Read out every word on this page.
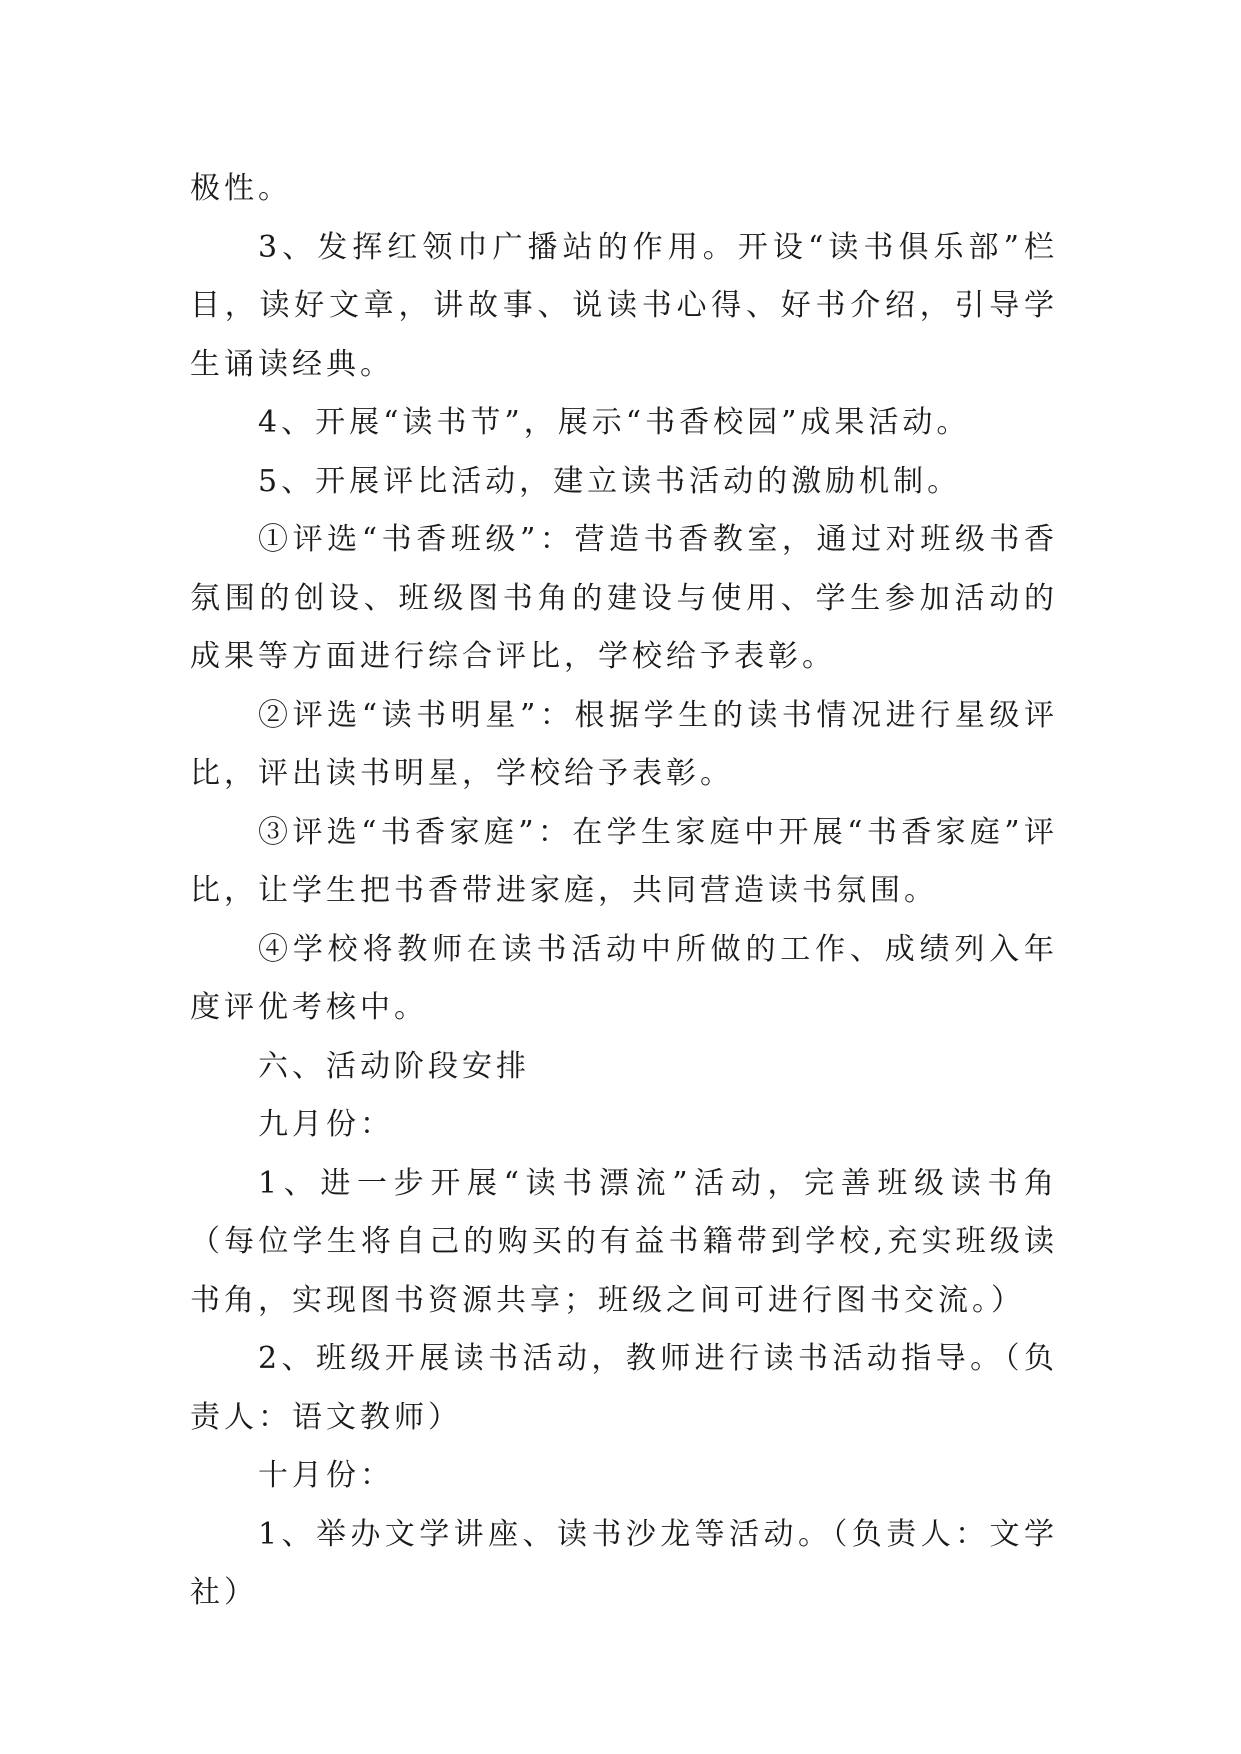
极性。

3、发挥红领巾广播站的作用。开设“读书俱乐部”栏目，读好文章，讲故事、说读书心得、好书介绍，引导学生诵读经典。

4、开展“读书节”，展示“书香校园”成果活动。

5、开展评比活动，建立读书活动的激励机制。

①评选“书香班级”：营造书香教室，通过对班级书香氛围的创设、班级图书角的建设与使用、学生参加活动的成果等方面进行综合评比，学校给予表彰。

②评选“读书明星”：根据学生的读书情况进行星级评比，评出读书明星，学校给予表彰。

③评选“书香家庭”：在学生家庭中开展“书香家庭”评比，让学生把书香带进家庭，共同营造读书氛围。

④学校将教师在读书活动中所做的工作、成绩列入年度评优考核中。

六、活动阶段安排

九月份：

1、进一步开展“读书漂流”活动，完善班级读书角（每位学生将自己的购买的有益书籍带到学校,充实班级读书角，实现图书资源共享；班级之间可进行图书交流。）

2、班级开展读书活动，教师进行读书活动指导。（负责人：语文教师）

十月份：

1、举办文学讲座、读书沙龙等活动。（负责人：文学社）
